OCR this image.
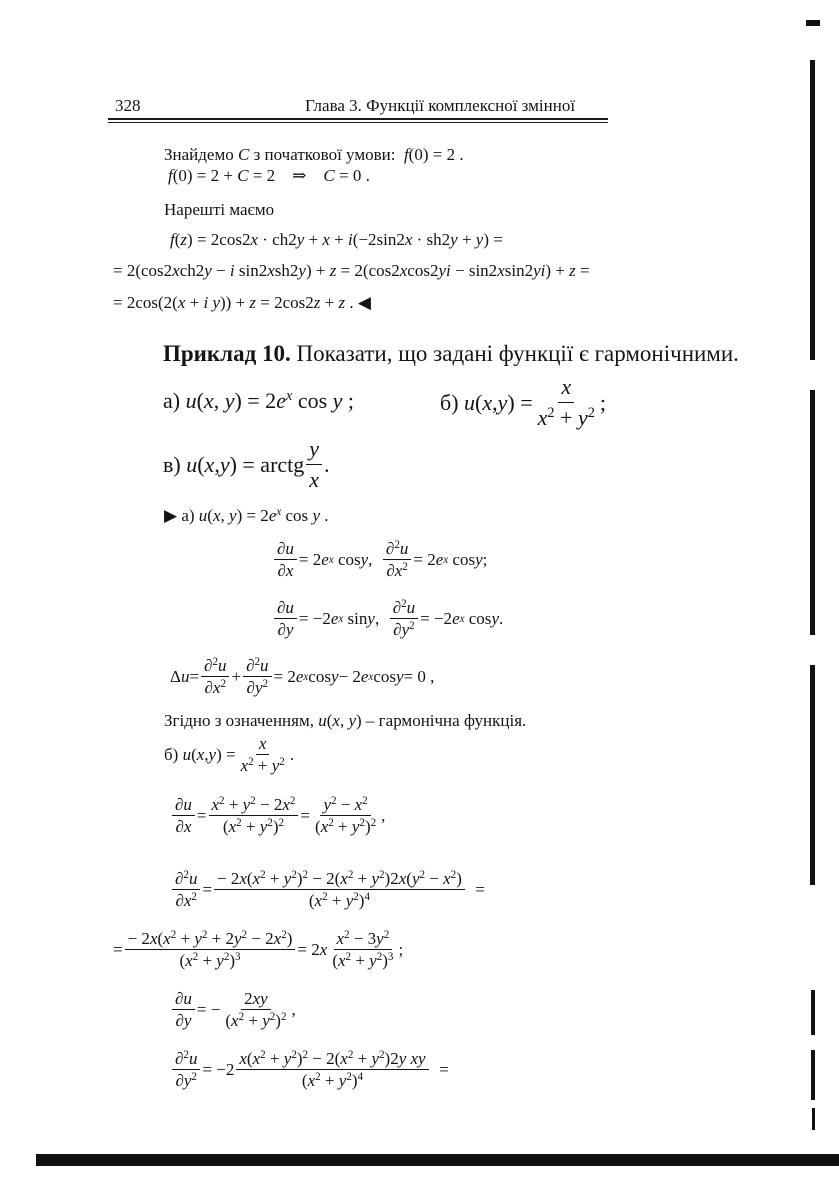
328	Глава 3. Функції комплексної змінної
Знайдемо C з початкової умови: f(0) = 2 .
f(0) = 2 + C = 2    ⇒    C = 0 .
Нарешті маємо
f(z) = 2cos2x · ch2y + x + i(−2sin2x · sh2y + y) =
= 2(cos2xch2y − i sin2xsh2y) + z = 2(cos2xcos2yi − sin2xsin2yi) + z =
= 2cos(2(x + i y)) + z = 2cos2z + z . ◀
Приклад 10. Показати, що задані функції є гармонічними.
а) u(x, $y) = 2e^x$ cos y ;	б)
u ( x , y ) = $\frac{x}{x^2 + y^2}$ ;
в)
u ( x , y ) = arctg $\frac{y}{x}$ .
▶ а) u(x, $y) = 2e^x$ cos y .
$\frac{\partial u}{\partial x} = 2$ e x cos y , $\frac{\partial^2u}{\partial x^2} = 2$ e x cos y ;
$\frac{\partial u}{\partial y} = -2$ e x sin y , $\frac{\partial^2u}{\partial y^2} = -2$ e x cos y .
Δ $u = \frac{\partial^2u}{\partial x^2} + \frac{\partial^2u}{\partial y^2} = 2$ e x cos y − 2 e x cos y = 0 ,
Згідно з означенням, u(x, y) – гармонічна функція.
б)
u ( x , y ) = $\frac{x}{x^2 + y^2}$ .
$\frac{\partial u}{\partial x} = \frac{x^2 + y^2 - 2x^2}{(x^2 + y^2)^2} = \frac{y^2 - x^2}{(x^2 + y^2)^2}$ ,
$\frac{\partial^2u}{\partial x^2} = \frac{- 2x(x^2 + y^2)^2 - 2(x^2 + y^2)2x(y^2 - x^2)}{(x^2 + y^2)^4}$ =
= $\frac{- 2x(x^2 + y^2 + 2y^2 - 2x^2)}{(x^2 + y^2)^3} = 2$ x $\frac{x^2 - 3y^2}{(x^2 + y^2)^3}$ ;
$\frac{\partial u}{\partial y}$ = − $\frac{2xy}{(x^2 + y^2)^2}$ ,
$\frac{\partial^2u}{\partial y^2} = -2 \frac{x(x^2 + y^2)^2 - 2(x^2 + y^2)2y xy}{(x^2 + y^2)^4}$ =
